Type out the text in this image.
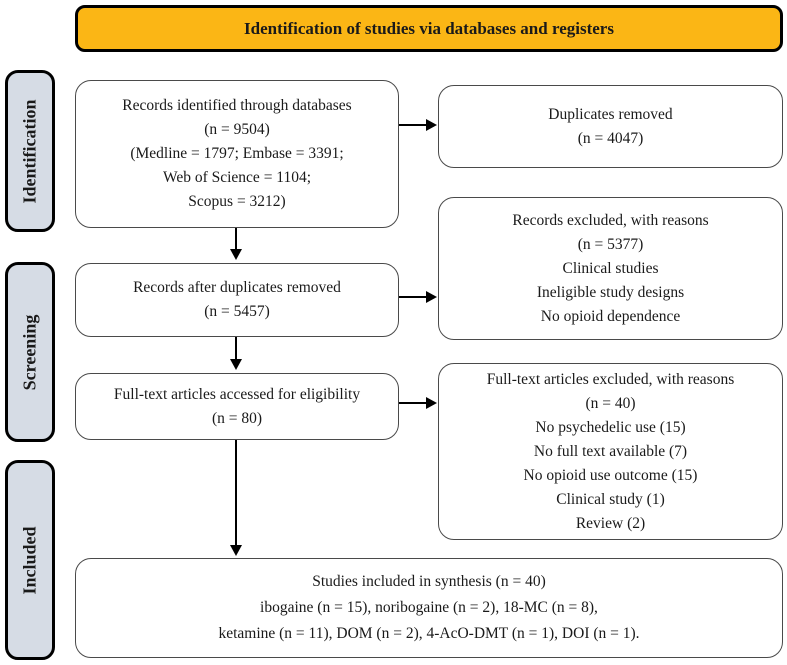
Identification of studies via databases and registers
Identification
Screening
Included
Records identified through databases
(n = 9504)
(Medline = 1797; Embase = 3391;
Web of Science = 1104;
Scopus = 3212)
Duplicates removed
(n = 4047)
Records after duplicates removed
(n = 5457)
Records excluded, with reasons
(n = 5377)
Clinical studies
Ineligible study designs
No opioid dependence
Full-text articles accessed for eligibility
(n = 80)
Full-text articles excluded, with reasons
(n = 40)
No psychedelic use (15)
No full text available (7)
No opioid use outcome (15)
Clinical study (1)
Review (2)
Studies included in synthesis (n = 40)
ibogaine (n = 15), noribogaine (n = 2), 18-MC (n = 8),
ketamine (n = 11), DOM (n = 2), 4-AcO-DMT (n = 1), DOI (n = 1).
